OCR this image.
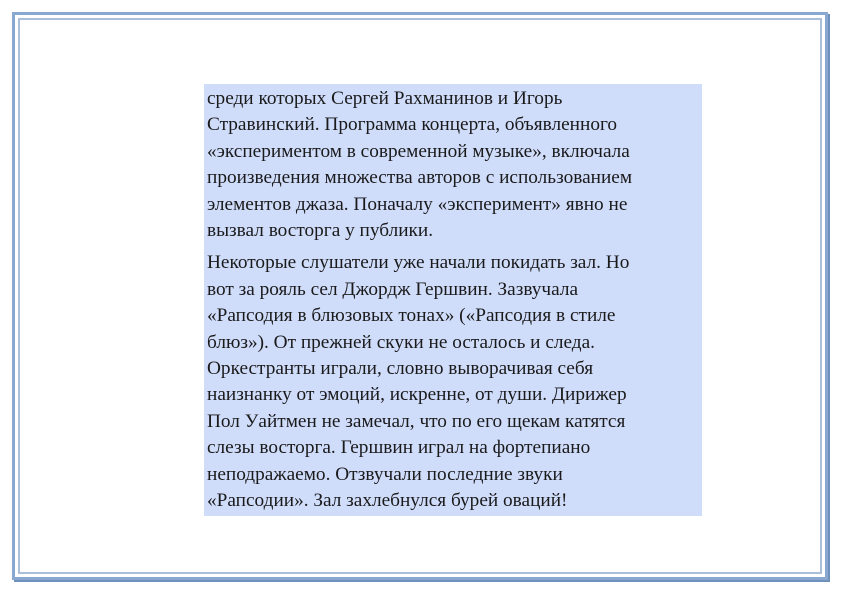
среди которых Сергей Рахманинов и Игорь
Стравинский. Программа концерта, объявленного
«экспериментом в современной музыке», включала
произведения множества авторов с использованием
элементов джаза. Поначалу «эксперимент» явно не
вызвал восторга у публики.

Некоторые слушатели уже начали покидать зал. Но
вот за рояль сел Джордж Гершвин. Зазвучала
«Рапсодия в блюзовых тонах» («Рапсодия в стиле
блюз»). От прежней скуки не осталось и следа.
Оркестранты играли, словно выворачивая себя
наизнанку от эмоций, искренне, от души. Дирижер
Пол Уайтмен не замечал, что по его щекам катятся
слезы восторга. Гершвин играл на фортепиано
неподражаемо. Отзвучали последние звуки
«Рапсодии». Зал захлебнулся бурей оваций!
